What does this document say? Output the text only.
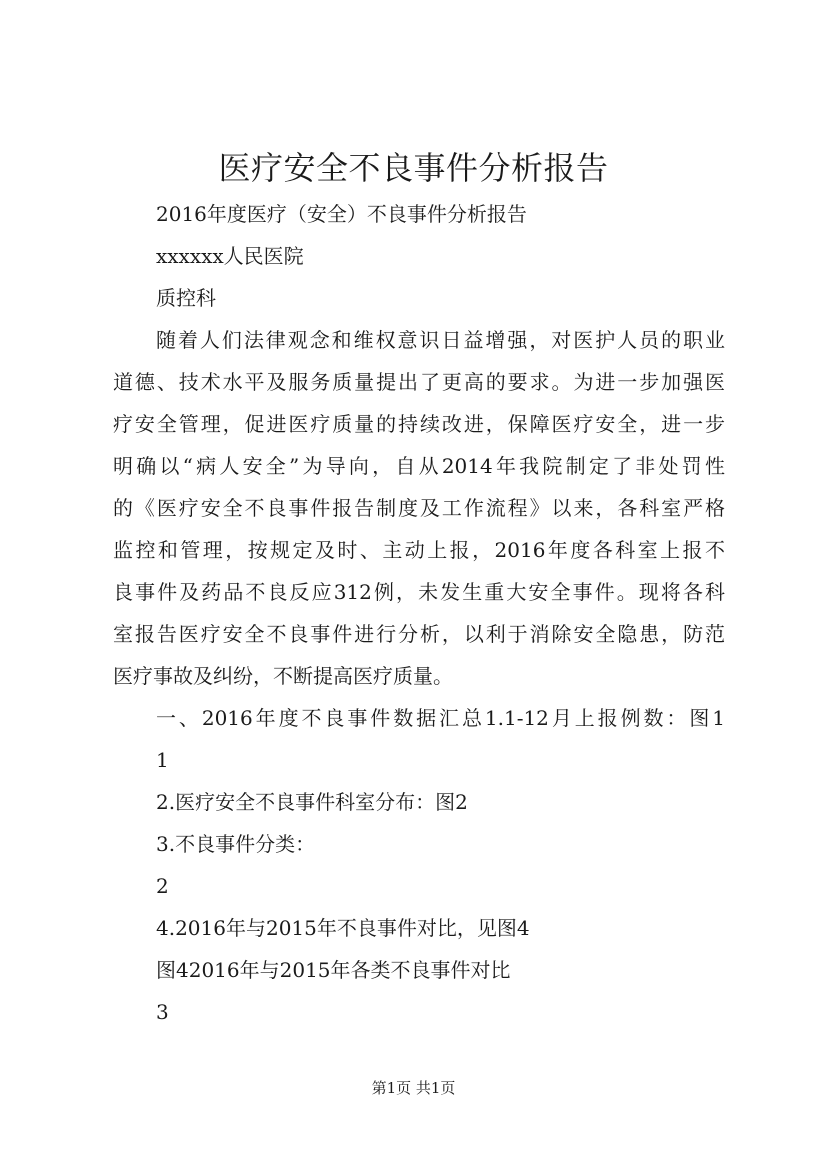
医疗安全不良事件分析报告

2016年度医疗（安全）不良事件分析报告

xxxxxx人民医院

质控科

随着人们法律观念和维权意识日益增强，对医护人员的职业

道德、技术水平及服务质量提出了更高的要求。为进一步加强医

疗安全管理，促进医疗质量的持续改进，保障医疗安全，进一步

明确以“病人安全”为导向，自从2014年我院制定了非处罚性

的《医疗安全不良事件报告制度及工作流程》以来，各科室严格

监控和管理，按规定及时、主动上报，2016年度各科室上报不

良事件及药品不良反应312例，未发生重大安全事件。现将各科

室报告医疗安全不良事件进行分析，以利于消除安全隐患，防范

医疗事故及纠纷，不断提高医疗质量。

一、2016年度不良事件数据汇总1.1-12月上报例数：图1

1

2.医疗安全不良事件科室分布：图2

3.不良事件分类：

2

4.2016年与2015年不良事件对比，见图4

图42016年与2015年各类不良事件对比

3

第1页 共1页
